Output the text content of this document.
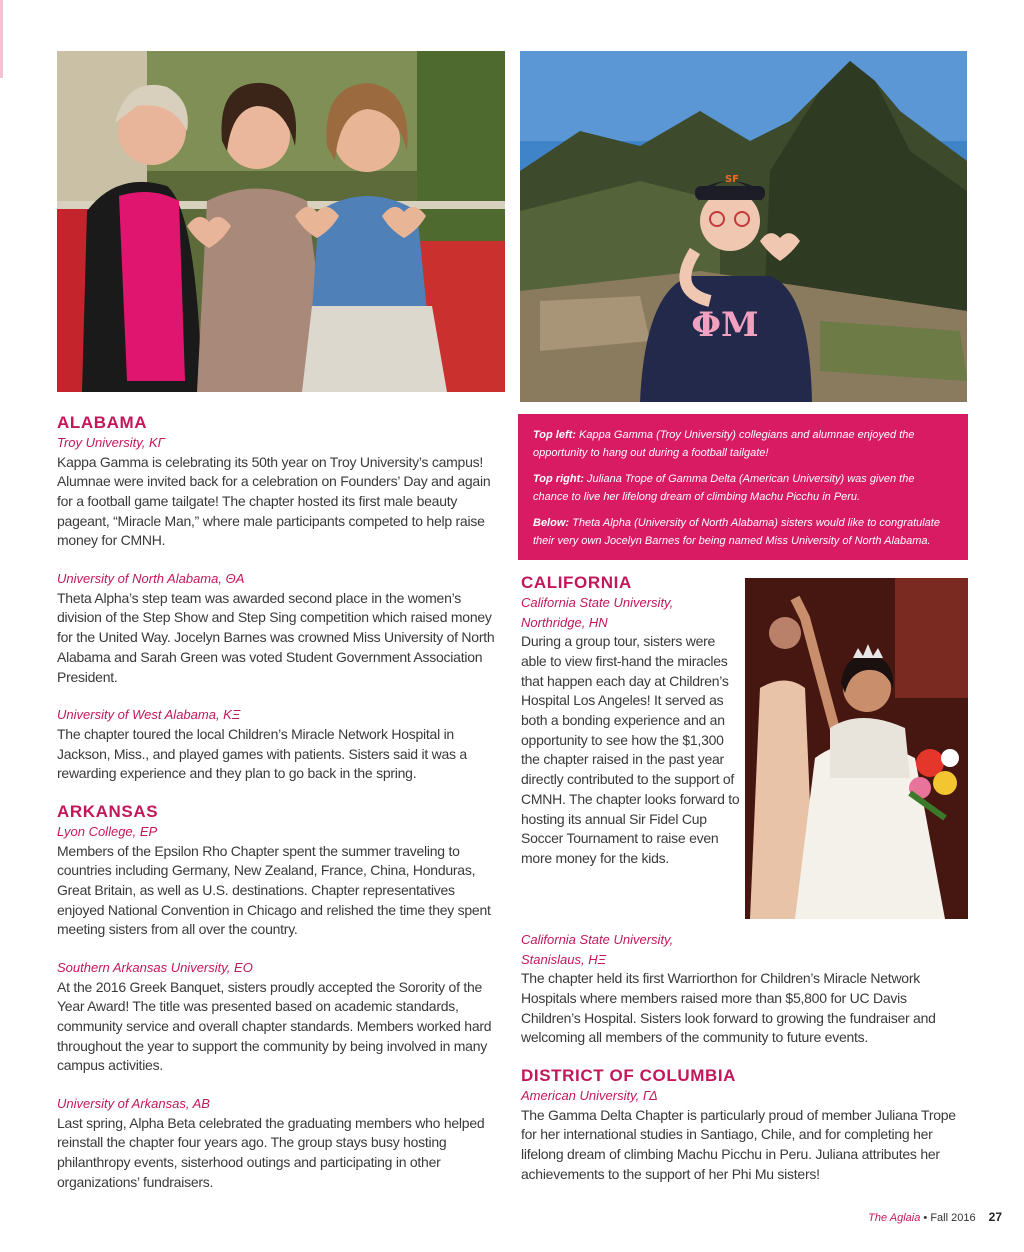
ΦΜ
SF

Top left: Kappa Gamma (Troy University) collegians and alumnae enjoyed the opportunity to hang out during a football tailgate!

Top right: Juliana Trope of Gamma Delta (American University) was given the chance to live her lifelong dream of climbing Machu Picchu in Peru.

Below: Theta Alpha (University of North Alabama) sisters would like to congratulate their very own Jocelyn Barnes for being named Miss University of North Alabama.

ALABAMA

Troy University, ΚΓ

Kappa Gamma is celebrating its 50th year on Troy University’s campus! Alumnae were invited back for a celebration on Founders’ Day and again for a football game tailgate! The chapter hosted its first male beauty pageant, “Miracle Man,” where male participants competed to help raise money for CMNH.

University of North Alabama, ΘA

Theta Alpha’s step team was awarded second place in the women’s division of the Step Show and Step Sing competition which raised money for the United Way. Jocelyn Barnes was crowned Miss University of North Alabama and Sarah Green was voted Student Government Association President.

University of West Alabama, ΚΞ

The chapter toured the local Children’s Miracle Network Hospital in Jackson, Miss., and played games with patients. Sisters said it was a rewarding experience and they plan to go back in the spring.

ARKANSAS

Lyon College, EP

Members of the Epsilon Rho Chapter spent the summer traveling to countries including Germany, New Zealand, France, China, Honduras, Great Britain, as well as U.S. destinations. Chapter representatives enjoyed National Convention in Chicago and relished the time they spent meeting sisters from all over the country.

Southern Arkansas University, EO

At the 2016 Greek Banquet, sisters proudly accepted the Sorority of the Year Award! The title was presented based on academic standards, community service and overall chapter standards. Members worked hard throughout the year to support the community by being involved in many campus activities.

University of Arkansas, AB

Last spring, Alpha Beta celebrated the graduating members who helped reinstall the chapter four years ago. The group stays busy hosting philanthropy events, sisterhood outings and participating in other organizations’ fundraisers.

CALIFORNIA

California State University,

Northridge, HN

During a group tour, sisters were able to view first-hand the miracles that happen each day at Children’s Hospital Los Angeles! It served as both a bonding experience and an opportunity to see how the $1,300 the chapter raised in the past year directly contributed to the support of CMNH. The chapter looks forward to hosting its annual Sir Fidel Cup Soccer Tournament to raise even more money for the kids.

California State University,

Stanislaus, ΗΞ

The chapter held its first Warriorthon for Children’s Miracle Network Hospitals where members raised more than $5,800 for UC Davis Children’s Hospital. Sisters look forward to growing the fundraiser and welcoming all members of the community to future events.

DISTRICT OF COLUMBIA

American University, ΓΔ

The Gamma Delta Chapter is particularly proud of member Juliana Trope for her international studies in Santiago, Chile, and for completing her lifelong dream of climbing Machu Picchu in Peru. Juliana attributes her achievements to the support of her Phi Mu sisters!

The Aglaia • Fall 2016 27
